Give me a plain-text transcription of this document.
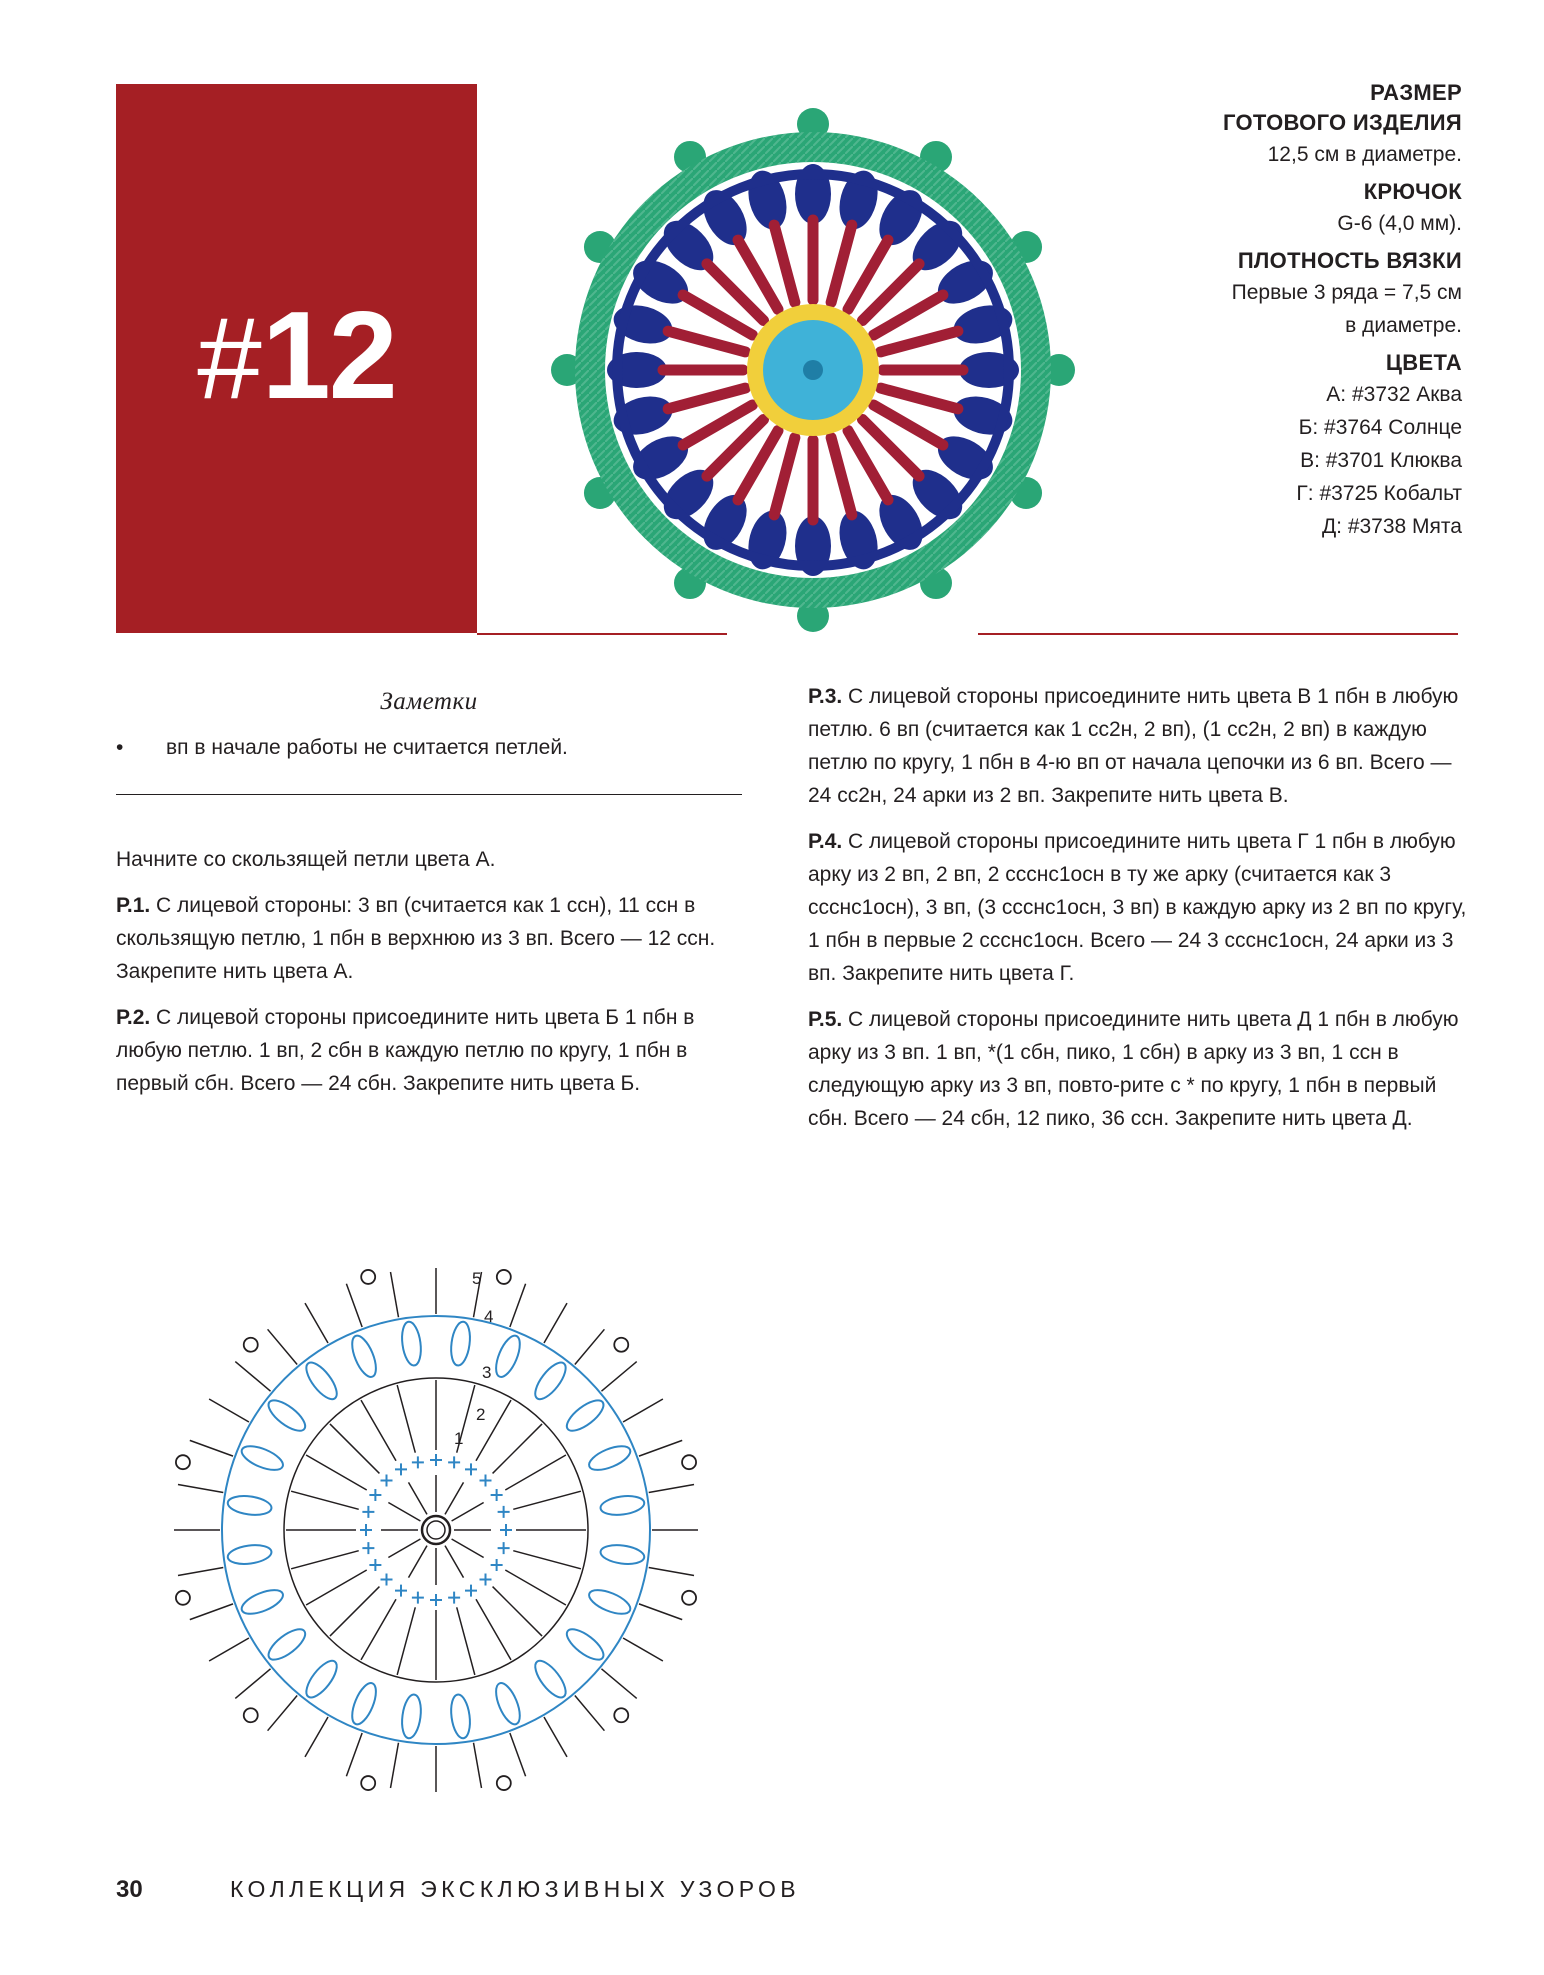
#12
РАЗМЕР
ГОТОВОГО ИЗДЕЛИЯ
12,5 см в диаметре.
КРЮЧОК
G-6 (4,0 мм).
ПЛОТНОСТЬ ВЯЗКИ
Первые 3 ряда = 7,5 см
в диаметре.
ЦВЕТА
А: #3732 Аква
Б: #3764 Солнце
В: #3701 Клюква
Г: #3725 Кобальт
Д: #3738 Мята
Заметки
• вп в начале работы не считается петлей.

Начните со скользящей петли цвета А.

Р.1. С лицевой стороны: 3 вп (считается как 1 ссн), 11 ссн в скользящую петлю, 1 пбн в верхнюю из 3 вп. Всего — 12 ссн. Закрепите нить цвета А.

Р.2. С лицевой стороны присоедините нить цвета Б 1 пбн в любую петлю. 1 вп, 2 сбн в каждую петлю по кругу, 1 пбн в первый сбн. Всего — 24 сбн. Закрепите нить цвета Б.

Р.3. С лицевой стороны присоедините нить цвета В 1 пбн в любую петлю. 6 вп (считается как 1 сс2н, 2 вп), (1 сс2н, 2 вп) в каждую петлю по кругу, 1 пбн в 4-ю вп от начала цепочки из 6 вп. Всего — 24 сс2н, 24 арки из 2 вп. Закрепите нить цвета В.

Р.4. С лицевой стороны присоедините нить цвета Г 1 пбн в любую арку из 2 вп, 2 вп, 2 ссснс1осн в ту же арку (считается как 3 ссснс1осн), 3 вп, (3 ссснс1осн, 3 вп) в каждую арку из 2 вп по кругу, 1 пбн в первые 2 ссснс1осн. Всего — 24 3 ссснс1осн, 24 арки из 3 вп. Закрепите нить цвета Г.

Р.5. С лицевой стороны присоедините нить цвета Д 1 пбн в любую арку из 3 вп. 1 вп, *(1 сбн, пико, 1 сбн) в арку из 3 вп, 1 ссн в следующую арку из 3 вп, повто-рите с * по кругу, 1 пбн в первый сбн. Всего — 24 сбн, 12 пико, 36 ссн. Закрепите нить цвета Д.

5
4
3
2
1
30	КОЛЛЕКЦИЯ ЭКСКЛЮЗИВНЫХ УЗОРОВ
